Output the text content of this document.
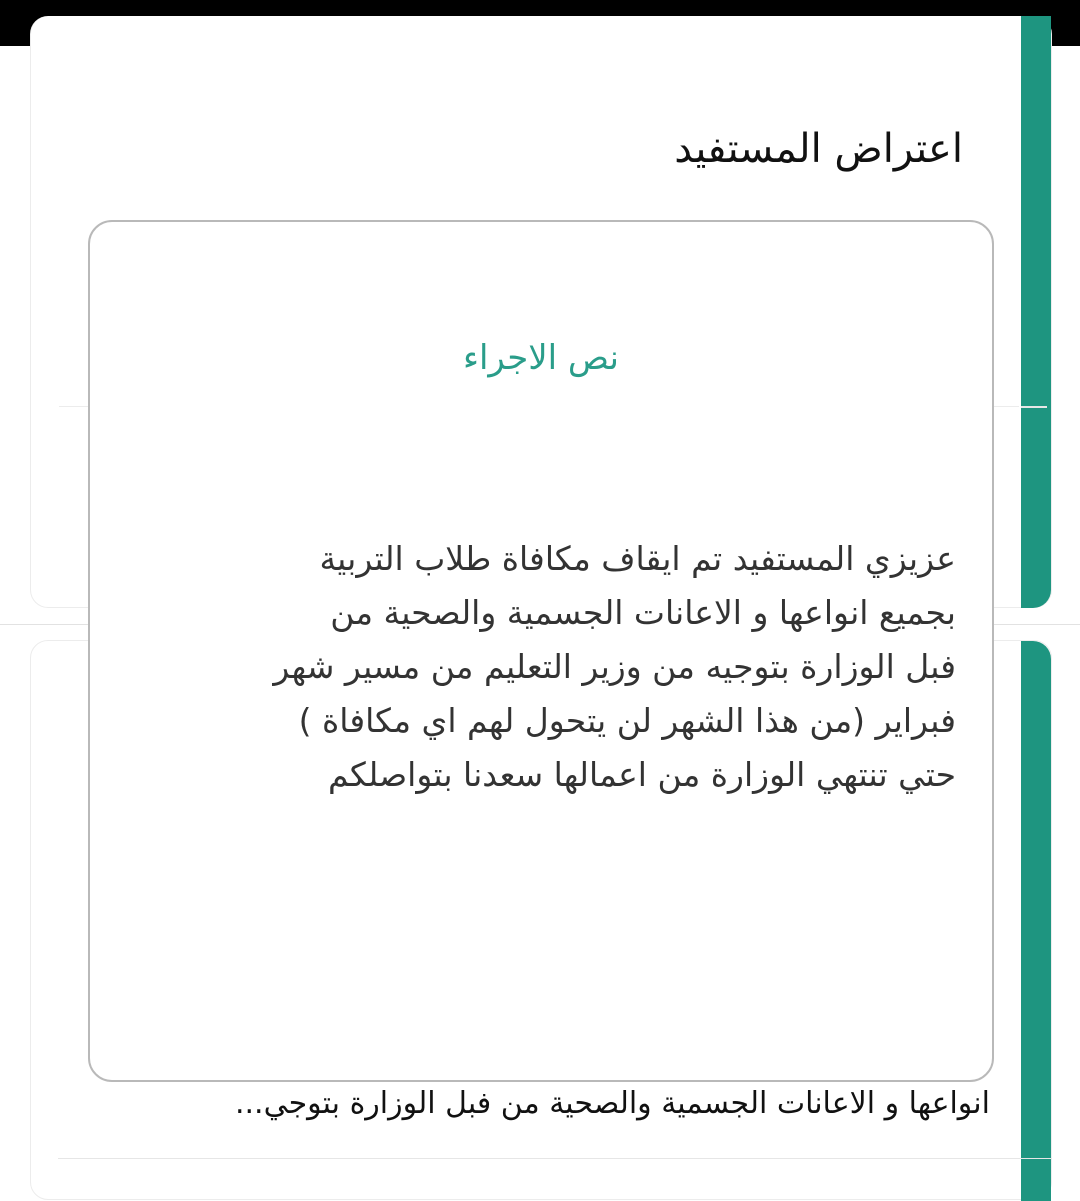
اعتراض المستفيد
انواعها و الاعانات الجسمية والصحية من فبل الوزارة بتوجي...
نص الاجراء
عزيزي المستفيد تم ايقاف مكافاة طلاب التربية
بجميع انواعها و الاعانات الجسمية والصحية من
فبل الوزارة بتوجيه من وزير التعليم من مسير شهر
فبراير (من هذا الشهر لن يتحول لهم اي مكافاة )
حتي تنتهي الوزارة من اعمالها سعدنا بتواصلكم
